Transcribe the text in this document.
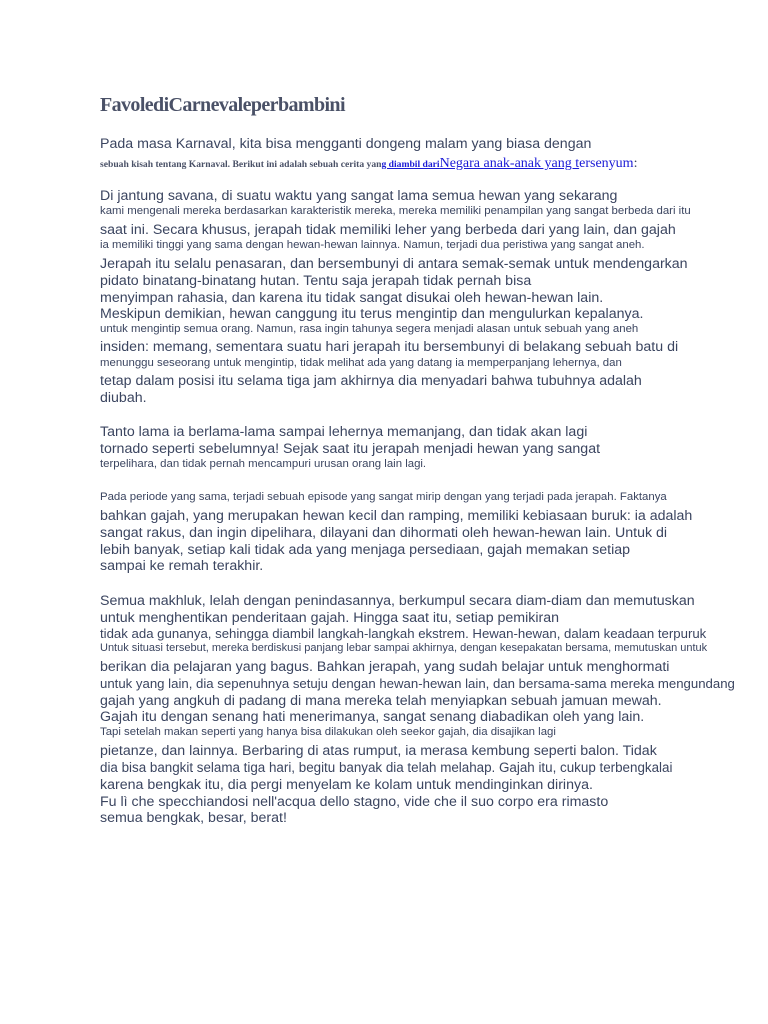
FavolediCarnevaleperbambini
Pada masa Karnaval, kita bisa mengganti dongeng malam yang biasa dengan
sebuah kisah tentang Karnaval. Berikut ini adalah sebuah cerita yang diambil dariNegara anak-anak yang tersenyum:
Di jantung savana, di suatu waktu yang sangat lama semua hewan yang sekarang
kami mengenali mereka berdasarkan karakteristik mereka, mereka memiliki penampilan yang sangat berbeda dari itu
saat ini. Secara khusus, jerapah tidak memiliki leher yang berbeda dari yang lain, dan gajah
ia memiliki tinggi yang sama dengan hewan-hewan lainnya. Namun, terjadi dua peristiwa yang sangat aneh.
Jerapah itu selalu penasaran, dan bersembunyi di antara semak-semak untuk mendengarkan
pidato binatang-binatang hutan. Tentu saja jerapah tidak pernah bisa
menyimpan rahasia, dan karena itu tidak sangat disukai oleh hewan-hewan lain.
Meskipun demikian, hewan canggung itu terus mengintip dan mengulurkan kepalanya.
untuk mengintip semua orang. Namun, rasa ingin tahunya segera menjadi alasan untuk sebuah yang aneh
insiden: memang, sementara suatu hari jerapah itu bersembunyi di belakang sebuah batu di
menunggu seseorang untuk mengintip, tidak melihat ada yang datang ia memperpanjang lehernya, dan
tetap dalam posisi itu selama tiga jam akhirnya dia menyadari bahwa tubuhnya adalah
diubah.
Tanto lama ia berlama-lama sampai lehernya memanjang, dan tidak akan lagi
tornado seperti sebelumnya! Sejak saat itu jerapah menjadi hewan yang sangat
terpelihara, dan tidak pernah mencampuri urusan orang lain lagi.
Pada periode yang sama, terjadi sebuah episode yang sangat mirip dengan yang terjadi pada jerapah. Faktanya
bahkan gajah, yang merupakan hewan kecil dan ramping, memiliki kebiasaan buruk: ia adalah
sangat rakus, dan ingin dipelihara, dilayani dan dihormati oleh hewan-hewan lain. Untuk di
lebih banyak, setiap kali tidak ada yang menjaga persediaan, gajah memakan setiap
sampai ke remah terakhir.
Semua makhluk, lelah dengan penindasannya, berkumpul secara diam-diam dan memutuskan
untuk menghentikan penderitaan gajah. Hingga saat itu, setiap pemikiran
tidak ada gunanya, sehingga diambil langkah-langkah ekstrem. Hewan-hewan, dalam keadaan terpuruk
Untuk situasi tersebut, mereka berdiskusi panjang lebar sampai akhirnya, dengan kesepakatan bersama, memutuskan untuk
berikan dia pelajaran yang bagus. Bahkan jerapah, yang sudah belajar untuk menghormati
untuk yang lain, dia sepenuhnya setuju dengan hewan-hewan lain, dan bersama-sama mereka mengundang
gajah yang angkuh di padang di mana mereka telah menyiapkan sebuah jamuan mewah.
Gajah itu dengan senang hati menerimanya, sangat senang diabadikan oleh yang lain.
Tapi setelah makan seperti yang hanya bisa dilakukan oleh seekor gajah, dia disajikan lagi
pietanze, dan lainnya. Berbaring di atas rumput, ia merasa kembung seperti balon. Tidak
dia bisa bangkit selama tiga hari, begitu banyak dia telah melahap. Gajah itu, cukup terbengkalai
karena bengkak itu, dia pergi menyelam ke kolam untuk mendinginkan dirinya.
Fu lì che specchiandosi nell'acqua dello stagno, vide che il suo corpo era rimasto
semua bengkak, besar, berat!
